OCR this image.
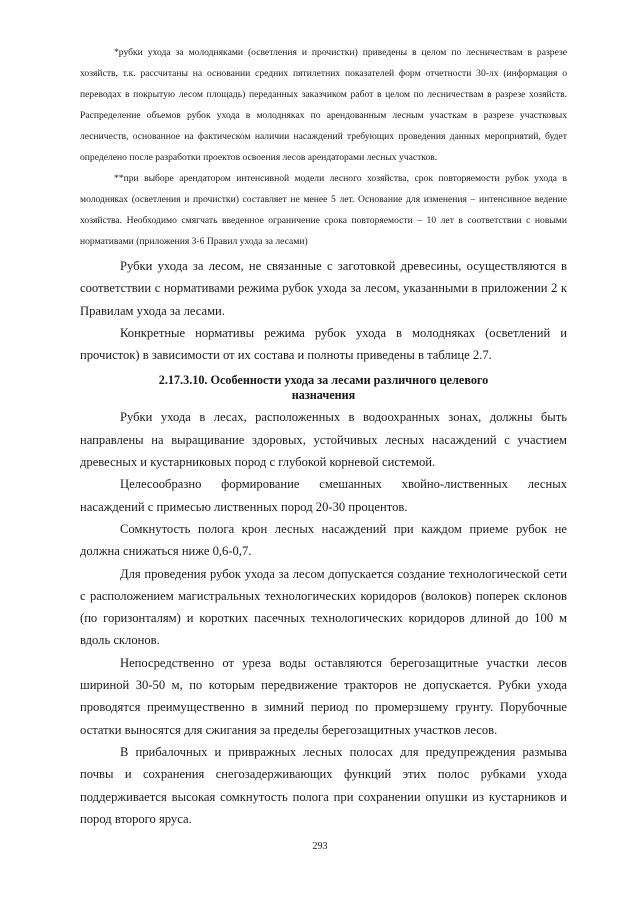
*рубки ухода за молодняками (осветления и прочистки) приведены в целом по лесничествам в разрезе хозяйств, т.к. рассчитаны на основании средних пятилетних показателей форм отчетности 30-лх (информация о переводах в покрытую лесом площадь) переданных заказчиком работ в целом по лесничествам в разрезе хозяйств. Распределение объемов рубок ухода в молодняках по арендованным лесным участкам в разрезе участковых лесничеств, основанное на фактическом наличии насаждений требующих проведения данных мероприятий, будет определено после разработки проектов освоения лесов арендаторами лесных участков.

**при выборе арендатором интенсивной модели лесного хозяйства, срок повторяемости рубок ухода в молодняках (осветления и прочистки) составляет не менее 5 лет. Основание для изменения – интенсивное ведение хозяйства. Необходимо смягчать введенное ограничение срока повторяемости – 10 лет в соответствии с новыми нормативами (приложения 3-6 Правил ухода за лесами)

Рубки ухода за лесом, не связанные с заготовкой древесины, осуществляются в соответствии с нормативами режима рубок ухода за лесом, указанными в приложении 2 к Правилам ухода за лесами.

Конкретные нормативы режима рубок ухода в молодняках (осветлений и прочисток) в зависимости от их состава и полноты приведены в таблице 2.7.

2.17.3.10. Особенности ухода за лесами различного целевого назначения

Рубки ухода в лесах, расположенных в водоохранных зонах, должны быть направлены на выращивание здоровых, устойчивых лесных насаждений с участием древесных и кустарниковых пород с глубокой корневой системой.

Целесообразно формирование смешанных хвойно-лиственных лесных насаждений с примесью лиственных пород 20-30 процентов.

Сомкнутость полога крон лесных насаждений при каждом приеме рубок не должна снижаться ниже 0,6-0,7.

Для проведения рубок ухода за лесом допускается создание технологической сети с расположением магистральных технологических коридоров (волоков) поперек склонов (по горизонталям) и коротких пасечных технологических коридоров длиной до 100 м вдоль склонов.

Непосредственно от уреза воды оставляются берегозащитные участки лесов шириной 30-50 м, по которым передвижение тракторов не допускается. Рубки ухода проводятся преимущественно в зимний период по промерзшему грунту. Порубочные остатки выносятся для сжигания за пределы берегозащитных участков лесов.

В прибалочных и привражных лесных полосах для предупреждения размыва почвы и сохранения снегозадерживающих функций этих полос рубками ухода поддерживается высокая сомкнутость полога при сохранении опушки из кустарников и пород второго яруса.

293
